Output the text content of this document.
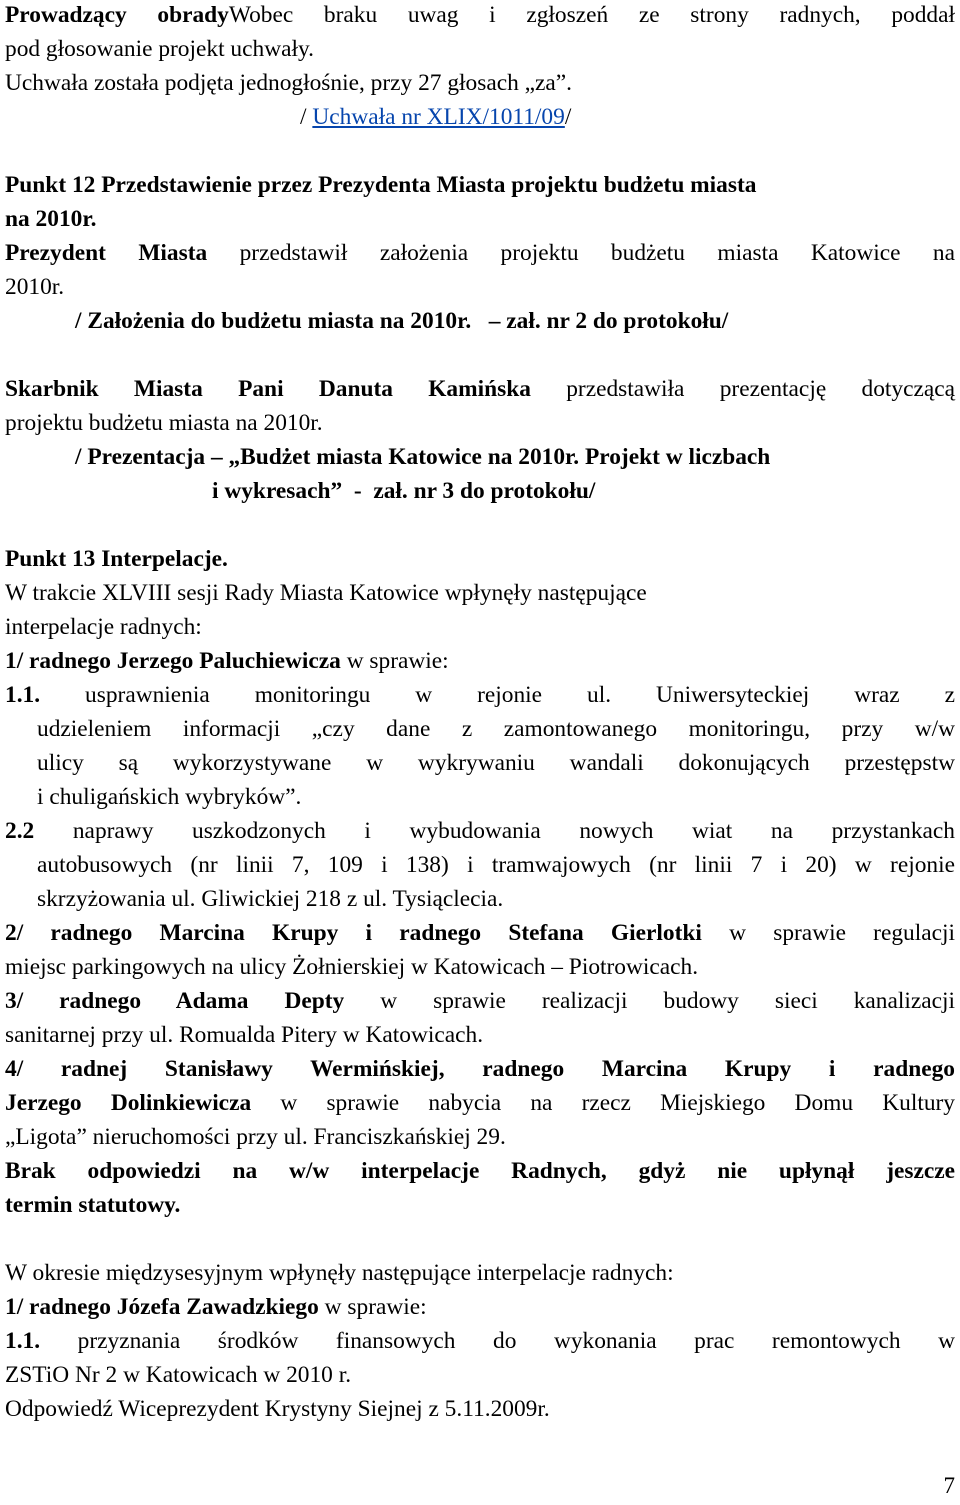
Prowadzący obradyWobec braku uwag i zgłoszeń ze strony radnych, poddał
pod głosowanie projekt uchwały.
Uchwała została podjęta jednogłośnie, przy 27 głosach „za”.
/ Uchwała nr XLIX/1011/09/
Punkt 12 Przedstawienie przez Prezydenta Miasta projektu budżetu miasta
na 2010r.
Prezydent Miasta przedstawił założenia projektu budżetu miasta Katowice na
2010r.
/ Założenia do budżetu miasta na 2010r.   – zał. nr 2 do protokołu/
Skarbnik Miasta Pani Danuta Kamińska przedstawiła prezentację dotyczącą
projektu budżetu miasta na 2010r.
/ Prezentacja – „Budżet miasta Katowice na 2010r. Projekt w liczbach
i wykresach”  -  zał. nr 3 do protokołu/
Punkt 13 Interpelacje.
W trakcie XLVIII sesji Rady Miasta Katowice wpłynęły następujące
interpelacje radnych:
1/ radnego Jerzego Paluchiewicza w sprawie:
1.1. usprawnienia monitoringu w rejonie ul. Uniwersyteckiej wraz z
udzieleniem informacji „czy dane z zamontowanego monitoringu, przy w/w
ulicy są wykorzystywane w wykrywaniu wandali dokonujących przestępstw
i chuligańskich wybryków”.
2.2 naprawy uszkodzonych i wybudowania nowych wiat na przystankach
autobusowych (nr linii 7, 109 i 138) i tramwajowych (nr linii 7 i 20) w rejonie
skrzyżowania ul. Gliwickiej 218 z ul. Tysiąclecia.
2/ radnego Marcina Krupy i radnego Stefana Gierlotki w sprawie regulacji
miejsc parkingowych na ulicy Żołnierskiej w Katowicach – Piotrowicach.
3/ radnego Adama Depty w sprawie realizacji budowy sieci kanalizacji
sanitarnej przy ul. Romualda Pitery w Katowicach.
4/ radnej Stanisławy Wermińskiej, radnego Marcina Krupy i radnego
Jerzego Dolinkiewicza w sprawie nabycia na rzecz Miejskiego Domu Kultury
„Ligota” nieruchomości przy ul. Franciszkańskiej 29.
Brak odpowiedzi na w/w interpelacje Radnych, gdyż nie upłynął jeszcze
termin statutowy.
W okresie międzysesyjnym wpłynęły następujące interpelacje radnych:
1/ radnego Józefa Zawadzkiego w sprawie:
1.1. przyznania środków finansowych do wykonania prac remontowych w
ZSTiO Nr 2 w Katowicach w 2010 r.
Odpowiedź Wiceprezydent Krystyny Siejnej z 5.11.2009r.
7
